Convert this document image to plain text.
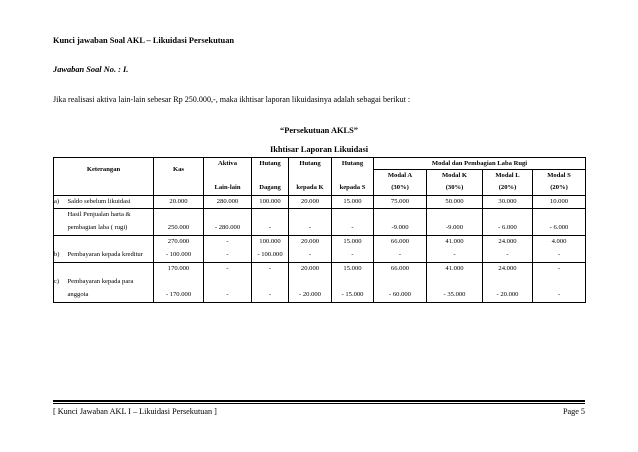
Kunci jawaban Soal AKL – Likuidasi Persekutuan
Jawaban Soal No. : I.
Jika realisasi aktiva lain-lain sebesar Rp 250.000,-, maka ikhtisar laporan likuidasinya adalah sebagai berikut :
“Persekutuan AKLS”
Ikhtisar Laporan Likuidasi
Keterangan		Kas	Aktiva	Hutang	Hutang	Hutang	Modal dan Pembagian Laba Rugi			
							Modal A	Modal K	Modal L	Modal S
			Lain-lain	Dagang	kepada K	kepada S	(30%)	(30%)	(20%)	(20%)
a)	Saldo sebelum likuidasi	20.000	280.000	100.000	20.000	15.000	75.000	50.000	30.000	10.000
	Hasil Penjualan harta &									
	pembagian laba ( rugi)	250.000	- 280.000	-	-	-	-9.000	-9.000	- 6.000	- 6.000
		270.000	-	100.000	20.000	15.000	66.000	41.000	24.000	4.000
b)	Pembayaran kepada kreditur	- 100.000	-	- 100.000	-	-	-	-	-	-
		170.000	-	-	20.000	15.000	66.000	41.000	24.000	-
c)	Pembayaran kepada para									
	anggota	- 170.000	-	-	- 20.000	- 15.000	- 60.000	- 35.000	- 20.000	-
[ Kunci Jawaban AKL I – Likuidasi Persekutuan ]	Page 5
